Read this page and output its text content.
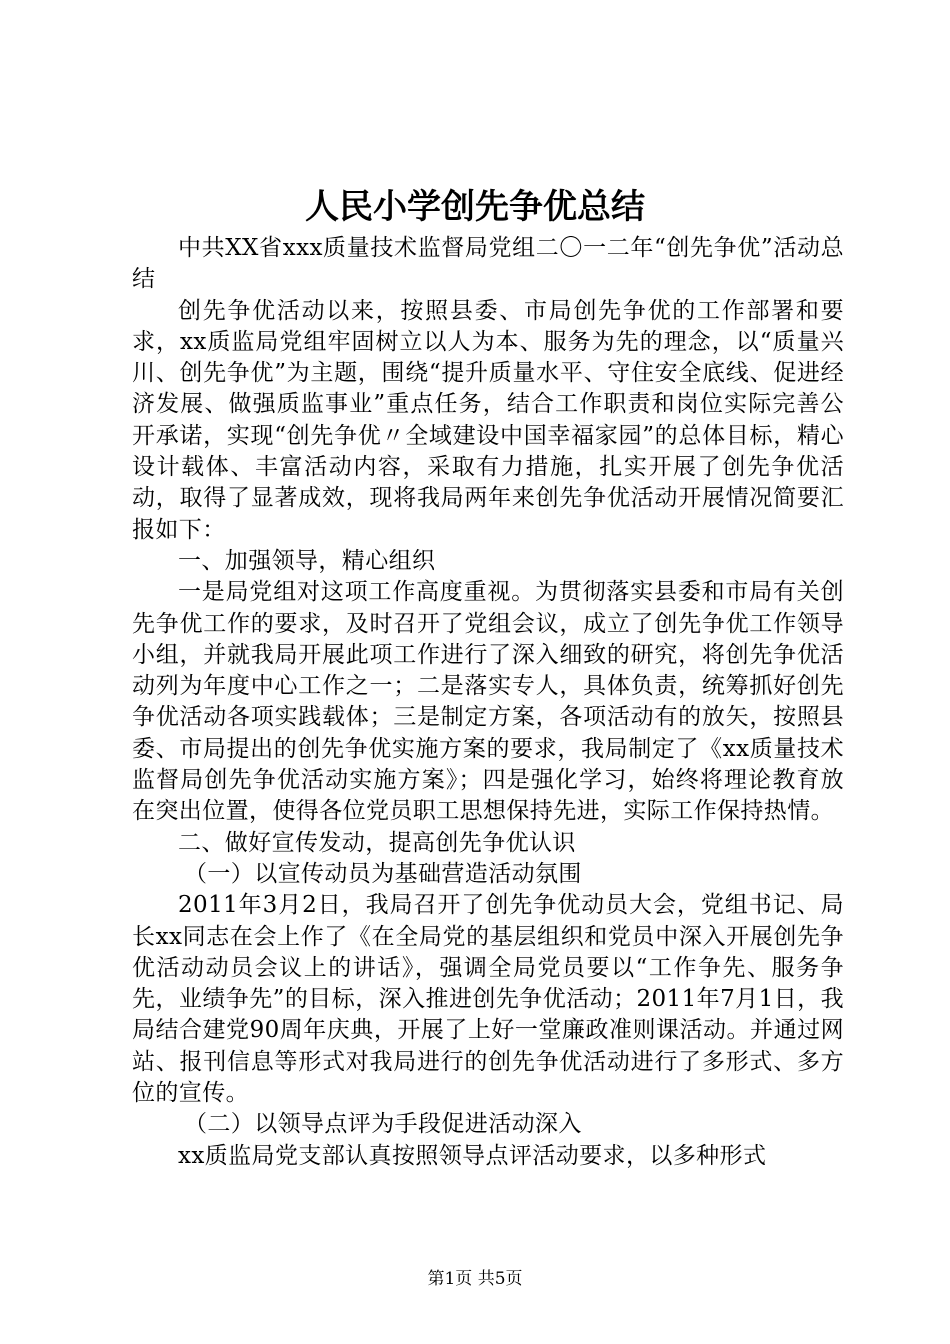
人民小学创先争优总结

中共XX省xxx质量技术监督局党组二〇一二年“创先争优”活动总结

创先争优活动以来，按照县委、市局创先争优的工作部署和要求，xx质监局党组牢固树立以人为本、服务为先的理念，以“质量兴川、创先争优”为主题，围绕“提升质量水平、守住安全底线、促进经济发展、做强质监事业”重点任务，结合工作职责和岗位实际完善公开承诺，实现“创先争优〃全域建设中国幸福家园”的总体目标，精心设计载体、丰富活动内容，采取有力措施，扎实开展了创先争优活动，取得了显著成效，现将我局两年来创先争优活动开展情况简要汇报如下：

一、加强领导，精心组织

一是局党组对这项工作高度重视。为贯彻落实县委和市局有关创先争优工作的要求，及时召开了党组会议，成立了创先争优工作领导小组，并就我局开展此项工作进行了深入细致的研究，将创先争优活动列为年度中心工作之一；二是落实专人，具体负责，统筹抓好创先争优活动各项实践载体；三是制定方案，各项活动有的放矢，按照县委、市局提出的创先争优实施方案的要求，我局制定了《xx质量技术监督局创先争优活动实施方案》；四是强化学习，始终将理论教育放在突出位置，使得各位党员职工思想保持先进，实际工作保持热情。

二、做好宣传发动，提高创先争优认识

（一）以宣传动员为基础营造活动氛围

2011年3月2日，我局召开了创先争优动员大会，党组书记、局长xx同志在会上作了《在全局党的基层组织和党员中深入开展创先争优活动动员会议上的讲话》，强调全局党员要以“工作争先、服务争先，业绩争先”的目标，深入推进创先争优活动；2011年7月1日，我局结合建党90周年庆典，开展了上好一堂廉政准则课活动。并通过网站、报刊信息等形式对我局进行的创先争优活动进行了多形式、多方位的宣传。

（二）以领导点评为手段促进活动深入

xx质监局党支部认真按照领导点评活动要求，以多种形式

第1页 共5页
